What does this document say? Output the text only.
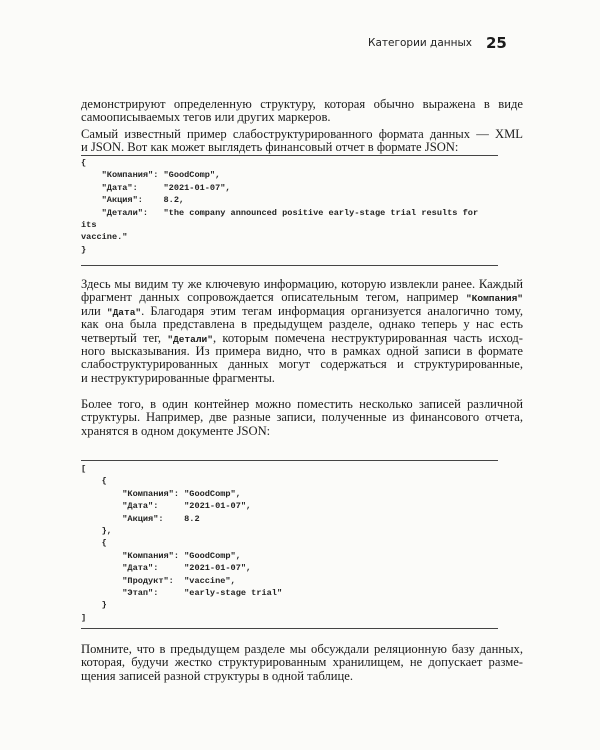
Категории данных 25
демонстрируют определенную структуру, которая обычно выражена в виде
самоописываемых тегов или других маркеров.
Самый известный пример слабоструктурированного формата данных — XML
и JSON. Вот как может выглядеть финансовый отчет в формате JSON:
{
"Компания": "GoodComp",
"Дата":     "2021-01-07",
"Акция":    8.2,
"Детали":   "the company announced positive early-stage trial results for
its
vaccine."
}
Здесь мы видим ту же ключевую информацию, которую извлекли ранее. Каждый
фрагмент данных сопровождается описательным тегом, например "Компания"
или "Дата". Благодаря этим тегам информация организуется аналогично тому,
как она была представлена в предыдущем разделе, однако теперь у нас есть
четвертый тег, "Детали", которым помечена неструктурированная часть исход-
ного высказывания. Из примера видно, что в рамках одной записи в формате
слабоструктурированных данных могут содержаться и структурированные,
и неструктурированные фрагменты.
Более того, в один контейнер можно поместить несколько записей различной
структуры. Например, две разные записи, полученные из финансового отчета,
хранятся в одном документе JSON:
[
{
"Компания": "GoodComp",
"Дата":     "2021-01-07",
"Акция":    8.2
},
{
"Компания": "GoodComp",
"Дата":     "2021-01-07",
"Продукт":  "vaccine",
"Этап":     "early-stage trial"
}
]
Помните, что в предыдущем разделе мы обсуждали реляционную базу данных,
которая, будучи жестко структурированным хранилищем, не допускает разме-
щения записей разной структуры в одной таблице.
